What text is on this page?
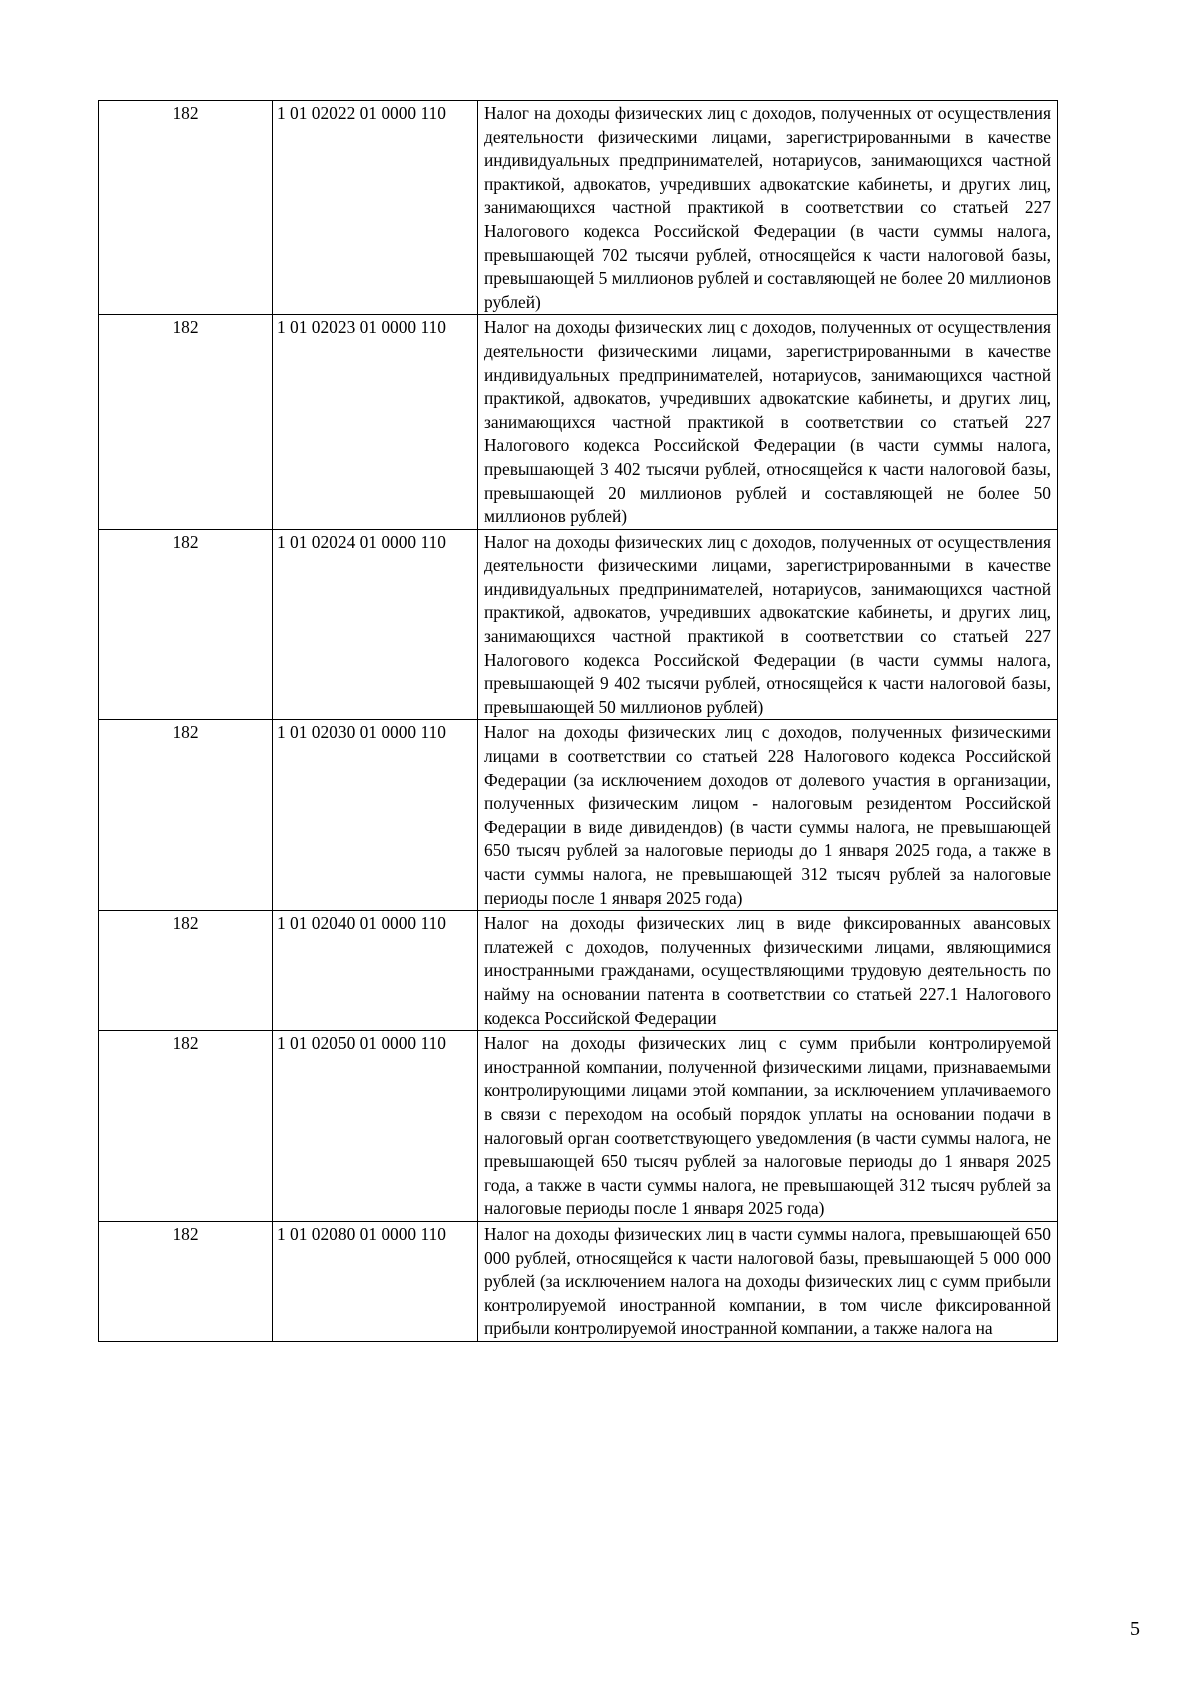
182	1 01 02022 01 0000 110	Налог на доходы физических лиц с доходов, полученных от осуществления деятельности физическими лицами, зарегистрированными в качестве индивидуальных предпринимателей, нотариусов, занимающихся частной практикой, адвокатов, учредивших адвокатские кабинеты, и других лиц, занимающихся частной практикой в соответствии со статьей 227 Налогового кодекса Российской Федерации (в части суммы налога, превышающей 702 тысячи рублей, относящейся к части налоговой базы, превышающей 5 миллионов рублей и составляющей не более 20 миллионов рублей)
182	1 01 02023 01 0000 110	Налог на доходы физических лиц с доходов, полученных от осуществления деятельности физическими лицами, зарегистрированными в качестве индивидуальных предпринимателей, нотариусов, занимающихся частной практикой, адвокатов, учредивших адвокатские кабинеты, и других лиц, занимающихся частной практикой в соответствии со статьей 227 Налогового кодекса Российской Федерации (в части суммы налога, превышающей 3 402 тысячи рублей, относящейся к части налоговой базы, превышающей 20 миллионов рублей и составляющей не более 50 миллионов рублей)
182	1 01 02024 01 0000 110	Налог на доходы физических лиц с доходов, полученных от осуществления деятельности физическими лицами, зарегистрированными в качестве индивидуальных предпринимателей, нотариусов, занимающихся частной практикой, адвокатов, учредивших адвокатские кабинеты, и других лиц, занимающихся частной практикой в соответствии со статьей 227 Налогового кодекса Российской Федерации (в части суммы налога, превышающей 9 402 тысячи рублей, относящейся к части налоговой базы, превышающей 50 миллионов рублей)
182	1 01 02030 01 0000 110	Налог на доходы физических лиц с доходов, полученных физическими лицами в соответствии со статьей 228 Налогового кодекса Российской Федерации (за исключением доходов от долевого участия в организации, полученных физическим лицом - налоговым резидентом Российской Федерации в виде дивидендов) (в части суммы налога, не превышающей 650 тысяч рублей за налоговые периоды до 1 января 2025 года, а также в части суммы налога, не превышающей 312 тысяч рублей за налоговые периоды после 1 января 2025 года)
182	1 01 02040 01 0000 110	Налог на доходы физических лиц в виде фиксированных авансовых платежей с доходов, полученных физическими лицами, являющимися иностранными гражданами, осуществляющими трудовую деятельность по найму на основании патента в соответствии со статьей 227.1 Налогового кодекса Российской Федерации
182	1 01 02050 01 0000 110	Налог на доходы физических лиц с сумм прибыли контролируемой иностранной компании, полученной физическими лицами, признаваемыми контролирующими лицами этой компании, за исключением уплачиваемого в связи с переходом на особый порядок уплаты на основании подачи в налоговый орган соответствующего уведомления (в части суммы налога, не превышающей 650 тысяч рублей за налоговые периоды до 1 января 2025 года, а также в части суммы налога, не превышающей 312 тысяч рублей за налоговые периоды после 1 января 2025 года)
182	1 01 02080 01 0000 110	Налог на доходы физических лиц в части суммы налога, превышающей 650 000 рублей, относящейся к части налоговой базы, превышающей 5 000 000 рублей (за исключением налога на доходы физических лиц с сумм прибыли контролируемой иностранной компании, в том числе фиксированной прибыли контролируемой иностранной компании, а также налога на
5
